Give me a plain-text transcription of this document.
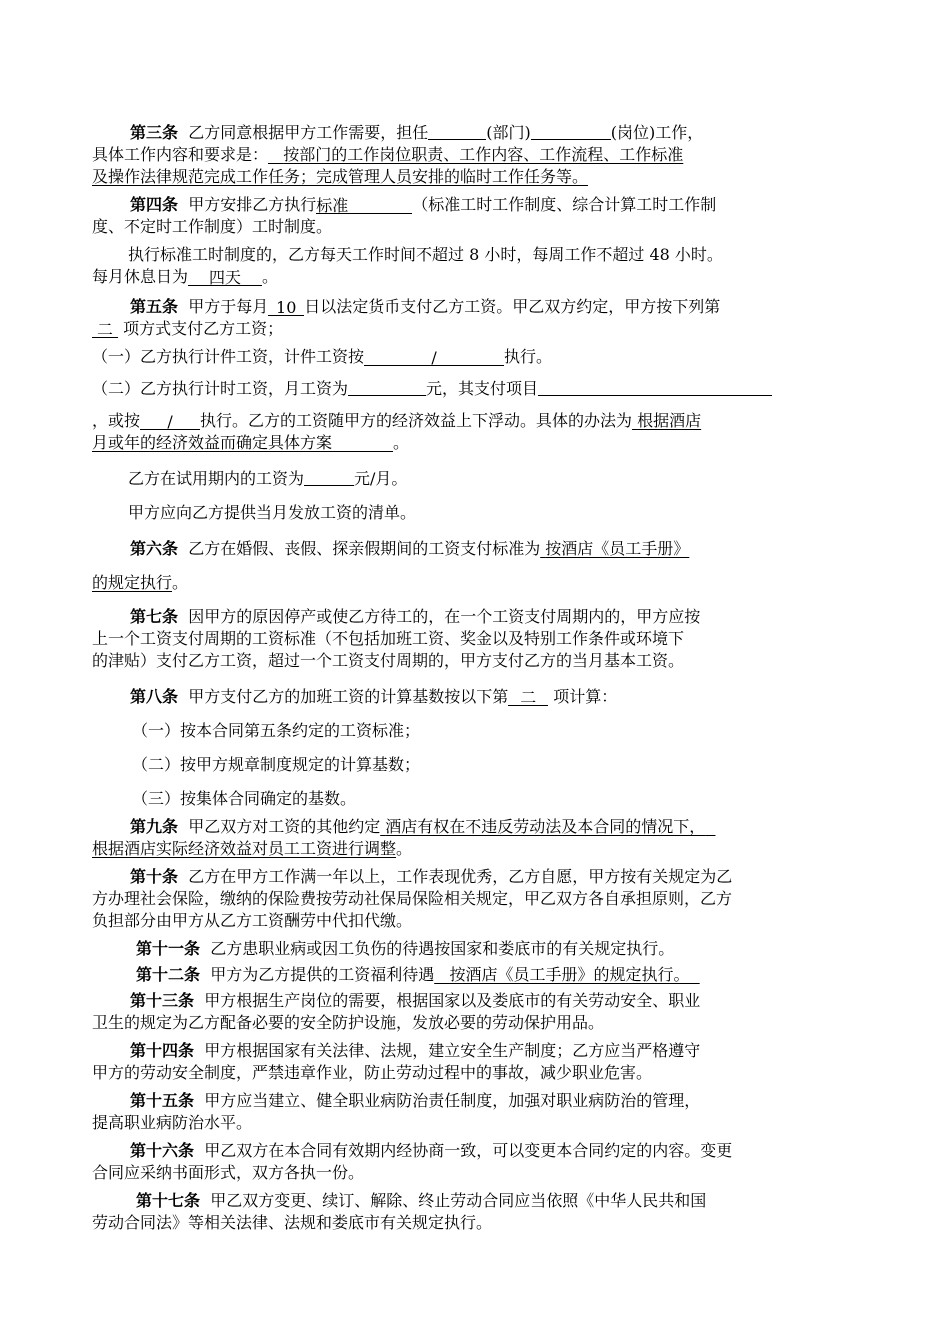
第三条 乙方同意根据甲方工作需要，担任	(部门)	(岗位)工作，
具体工作内容和要求是： 按部门的工作岗位职责、工作内容、工作流程、工作标准
及操作法律规范完成工作任务；完成管理人员安排的临时工作任务等。
第四条 甲方安排乙方执行标准	（标准工时工作制度、综合计算工时工作制
度、不定时工作制度）工时制度。
执行标准工时制度的，乙方每天工作时间不超过 8 小时，每周工作不超过 48 小时。
每月休息日为 四天 。
第五条 甲方于每月 10 日以法定货币支付乙方工资。甲乙双方约定，甲方按下列第
二 项方式支付乙方工资；
（一）乙方执行计件工资，计件工资按	/	执行。
（二）乙方执行计时工资，月工资为	元，其支付项目
，或按 / 执行。乙方的工资随甲方的经济效益上下浮动。具体的办法为 根据酒店
月或年的经济效益而确定具体方案	。
乙方在试用期内的工资为	元/月。
甲方应向乙方提供当月发放工资的清单。
第六条 乙方在婚假、丧假、探亲假期间的工资支付标准为 按酒店《员工手册》
的规定执行。
第七条 因甲方的原因停产或使乙方待工的，在一个工资支付周期内的，甲方应按
上一个工资支付周期的工资标准（不包括加班工资、奖金以及特别工作条件或环境下
的津贴）支付乙方工资，超过一个工资支付周期的，甲方支付乙方的当月基本工资。
第八条 甲方支付乙方的加班工资的计算基数按以下第 二 项计算：
（一）按本合同第五条约定的工资标准；
（二）按甲方规章制度规定的计算基数；
（三）按集体合同确定的基数。
第九条 甲乙双方对工资的其他约定 酒店有权在不违反劳动法及本合同的情况下，
根据酒店实际经济效益对员工工资进行调整。
第十条 乙方在甲方工作满一年以上，工作表现优秀，乙方自愿，甲方按有关规定为乙
方办理社会保险，缴纳的保险费按劳动社保局保险相关规定，甲乙双方各自承担原则，乙方
负担部分由甲方从乙方工资酬劳中代扣代缴。
第十一条 乙方患职业病或因工负伤的待遇按国家和娄底市的有关规定执行。
第十二条 甲方为乙方提供的工资福利待遇 按酒店《员工手册》的规定执行。
第十三条 甲方根据生产岗位的需要，根据国家以及娄底市的有关劳动安全、职业
卫生的规定为乙方配备必要的安全防护设施，发放必要的劳动保护用品。
第十四条 甲方根据国家有关法律、法规，建立安全生产制度；乙方应当严格遵守
甲方的劳动安全制度，严禁违章作业，防止劳动过程中的事故，减少职业危害。
第十五条 甲方应当建立、健全职业病防治责任制度，加强对职业病防治的管理，
提高职业病防治水平。
第十六条 甲乙双方在本合同有效期内经协商一致，可以变更本合同约定的内容。变更
合同应采纳书面形式，双方各执一份。
第十七条 甲乙双方变更、续订、解除、终止劳动合同应当依照《中华人民共和国
劳动合同法》等相关法律、法规和娄底市有关规定执行。
